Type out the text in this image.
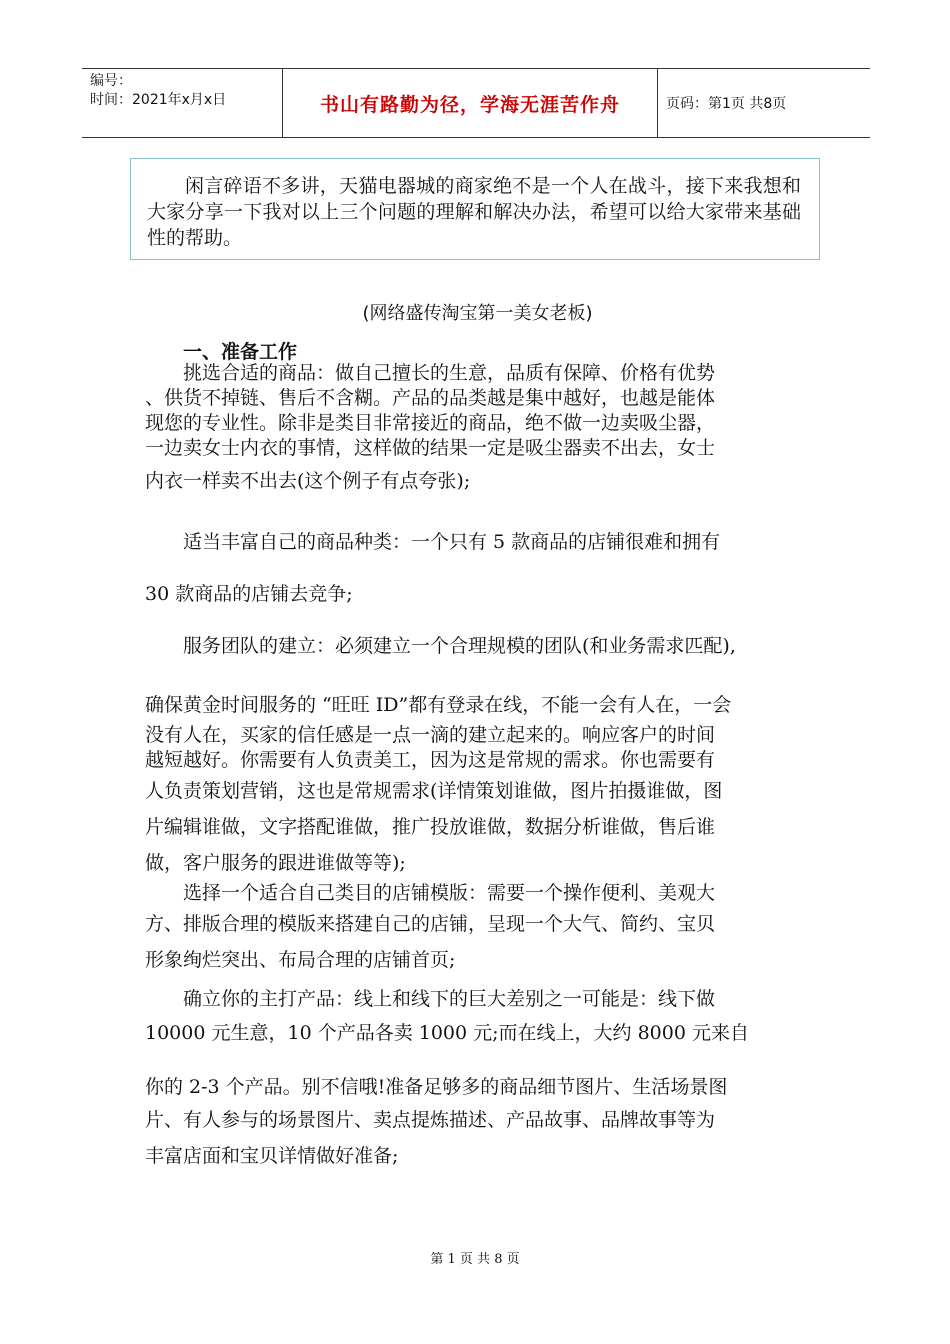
编号：
时间：2021年x月x日	书山有路勤为径，学海无涯苦作舟	页码：第1页 共8页
闲言碎语不多讲，天猫电器城的商家绝不是一个人在战斗，接下来我想和大家分享一下我对以上三个问题的理解和解决办法，希望可以给大家带来基础性的帮助。
(网络盛传淘宝第一美女老板)
一、准备工作
　　挑选合适的商品：做自己擅长的生意，品质有保障、价格有优势
、供货不掉链、售后不含糊。产品的品类越是集中越好，也越是能体
现您的专业性。除非是类目非常接近的商品，绝不做一边卖吸尘器，
一边卖女士内衣的事情，这样做的结果一定是吸尘器卖不出去，女士
内衣一样卖不出去(这个例子有点夸张);
　　适当丰富自己的商品种类：一个只有 5 款商品的店铺很难和拥有
30 款商品的店铺去竞争;
　　服务团队的建立：必须建立一个合理规模的团队(和业务需求匹配),
确保黄金时间服务的 “旺旺 ID”都有登录在线，不能一会有人在，一会
没有人在，买家的信任感是一点一滴的建立起来的。响应客户的时间
越短越好。你需要有人负责美工，因为这是常规的需求。你也需要有
人负责策划营销，这也是常规需求(详情策划谁做，图片拍摄谁做，图
片编辑谁做，文字搭配谁做，推广投放谁做，数据分析谁做，售后谁
做，客户服务的跟进谁做等等);
　　选择一个适合自己类目的店铺模版：需要一个操作便利、美观大
方、排版合理的模版来搭建自己的店铺，呈现一个大气、简约、宝贝
形象绚烂突出、布局合理的店铺首页;
　　确立你的主打产品：线上和线下的巨大差别之一可能是：线下做
10000 元生意，10 个产品各卖 1000 元;而在线上，大约 8000 元来自
你的 2-3 个产品。别不信哦!准备足够多的商品细节图片、生活场景图
片、有人参与的场景图片、卖点提炼描述、产品故事、品牌故事等为
丰富店面和宝贝详情做好准备;
第 1 页 共 8 页
